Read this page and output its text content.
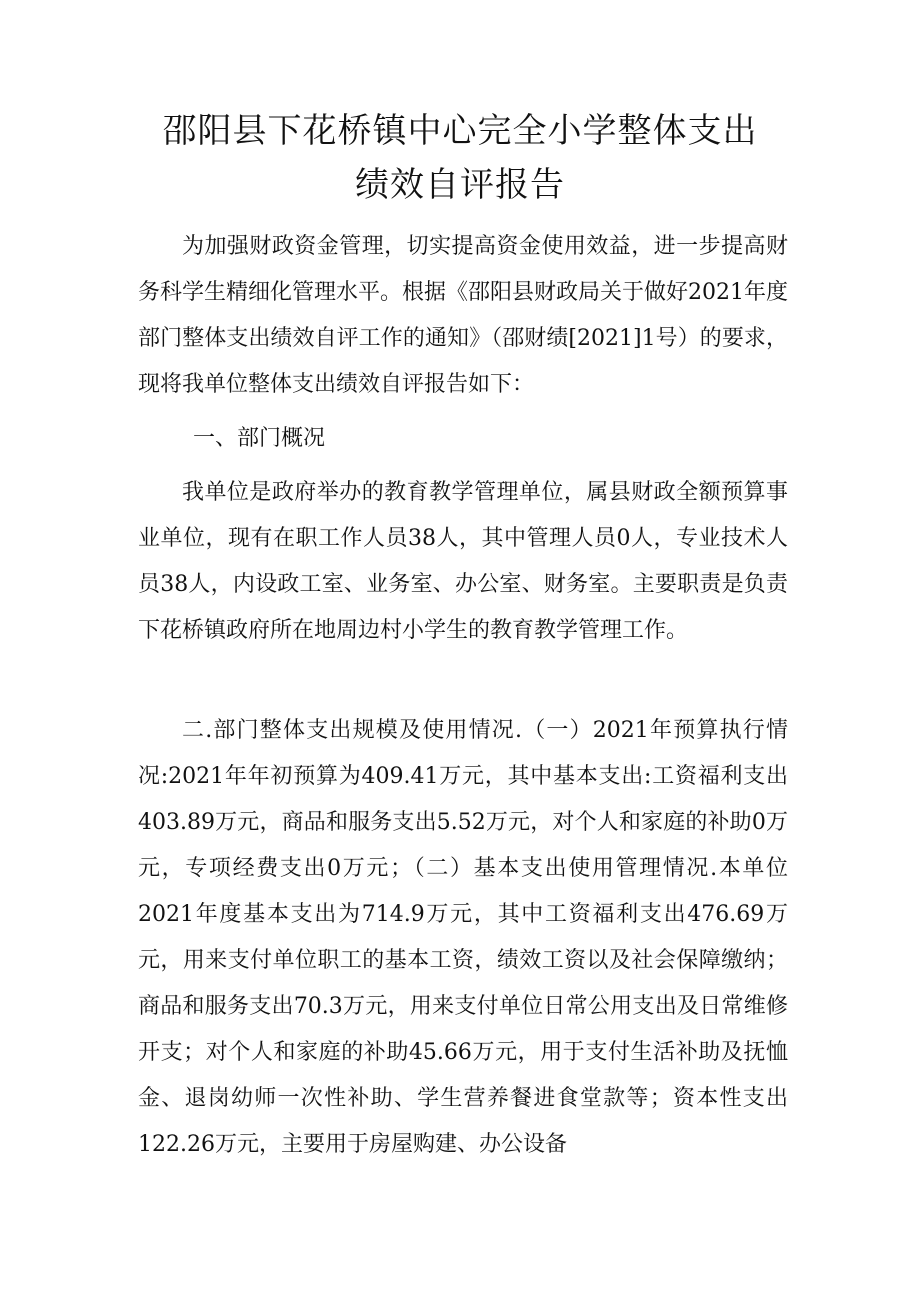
邵阳县下花桥镇中心完全小学整体支出
绩效自评报告

为加强财政资金管理，切实提高资金使用效益，进一步提高财务科学生精细化管理水平。根据《邵阳县财政局关于做好2021年度部门整体支出绩效自评工作的通知》（邵财绩[2021]1号）的要求，现将我单位整体支出绩效自评报告如下：

一、部门概况

我单位是政府举办的教育教学管理单位，属县财政全额预算事业单位，现有在职工作人员38人，其中管理人员0人，专业技术人员38人，内设政工室、业务室、办公室、财务室。主要职责是负责下花桥镇政府所在地周边村小学生的教育教学管理工作。

二.部门整体支出规模及使用情况.（一）2021年预算执行情况:2021年年初预算为409.41万元，其中基本支出:工资福利支出403.89万元，商品和服务支出5.52万元，对个人和家庭的补助0万元，专项经费支出0万元；（二）基本支出使用管理情况.本单位2021年度基本支出为714.9万元，其中工资福利支出476.69万元，用来支付单位职工的基本工资，绩效工资以及社会保障缴纳；商品和服务支出70.3万元，用来支付单位日常公用支出及日常维修开支；对个人和家庭的补助45.66万元，用于支付生活补助及抚恤金、退岗幼师一次性补助、学生营养餐进食堂款等；资本性支出122.26万元，主要用于房屋购建、办公设备
